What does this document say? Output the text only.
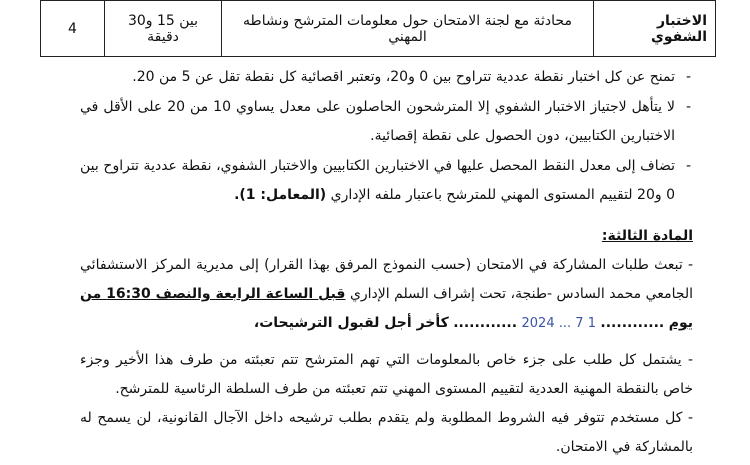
الاختبار الشفوي	محادثة مع لجنة الامتحان حول معلومات المترشح ونشاطه المهني	بين 15 و30 دقيقة	4
- تمنح عن كل اختبار نقطة عددية تتراوح بين 0 و20، وتعتبر اقصائية كل نقطة تقل عن 5 من 20.
- لا يتأهل لاجتياز الاختبار الشفوي إلا المترشحون الحاصلون على معدل يساوي 10 من 20 على الأقل في الاختبارين الكتابيين، دون الحصول على نقطة إقصائية.
- تضاف إلى معدل النقط المحصل عليها في الاختبارين الكتابيين والاختبار الشفوي، نقطة عددية تتراوح بين 0 و20 لتقييم المستوى المهني للمترشح باعتبار ملفه الإداري (المعامل: 1).
المادة الثالثة:

- تبعث طلبات المشاركة في الامتحان (حسب النموذج المرفق بهذا القرار) إلى مديرية المركز الاستشفائي الجامعي محمد السادس -طنجة، تحت إشراف السلم الإداري قبل الساعة الرابعة والنصف 16:30 من يوم ............ 1 7 ... 2024 ............ كأخر أجل لقبول الترشيحات،

- يشتمل كل طلب على جزء خاص بالمعلومات التي تهم المترشح تتم تعبئته من طرف هذا الأخير وجزء خاص بالنقطة المهنية العددية لتقييم المستوى المهني تتم تعبئته من طرف السلطة الرئاسية للمترشح.

- كل مستخدم تتوفر فيه الشروط المطلوبة ولم يتقدم بطلب ترشيحه داخل الآجال القانونية، لن يسمح له بالمشاركة في الامتحان.
